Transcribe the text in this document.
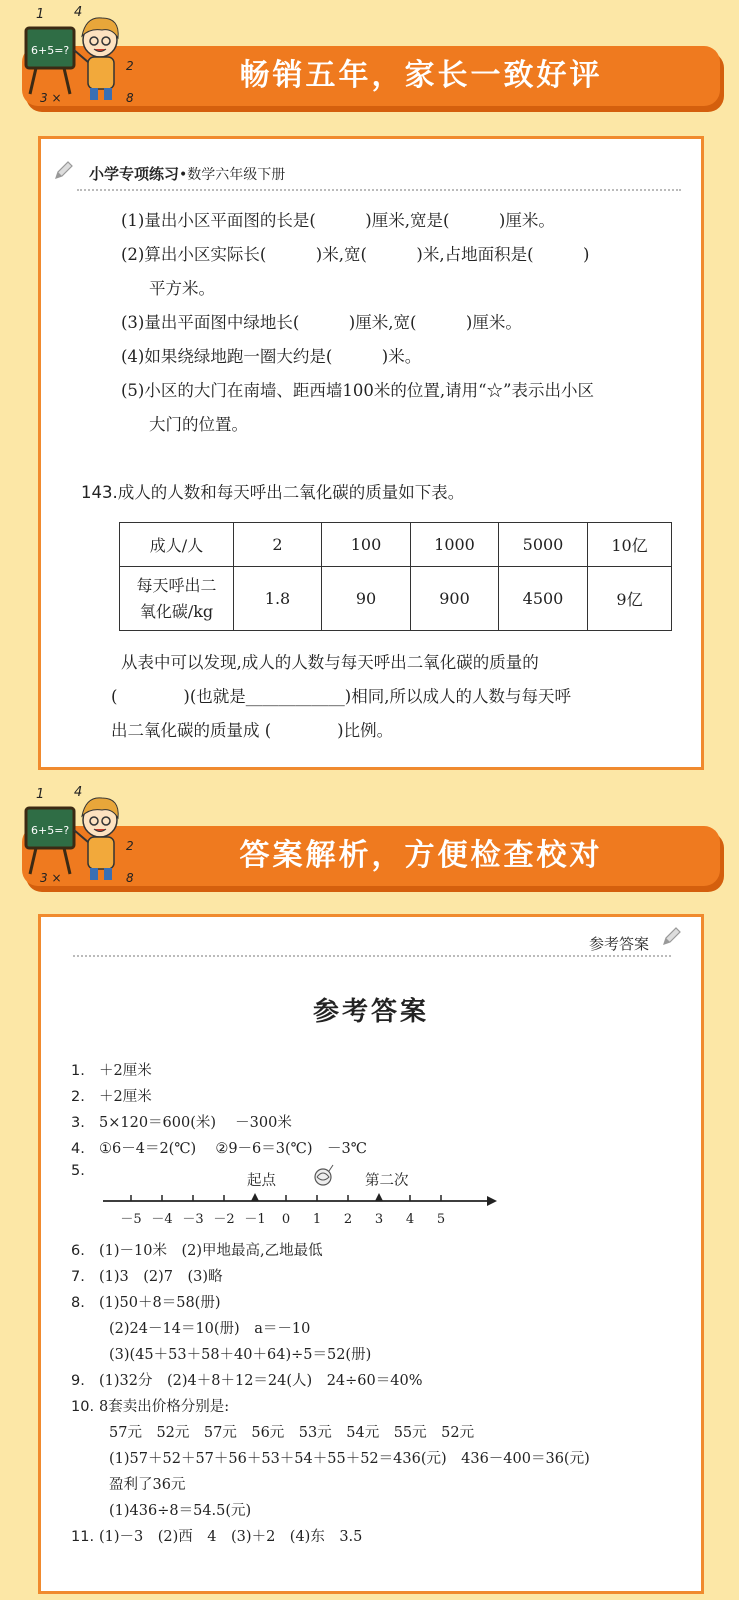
畅销五年，家长一致好评
1 4
2
3 ×	8
6+5=?
小学专项练习•数学六年级下册
(1)量出小区平面图的长是(　　　)厘米,宽是(　　　)厘米。
(2)算出小区实际长(　　　)米,宽(　　　)米,占地面积是(　　　)
平方米。
(3)量出平面图中绿地长(　　　)厘米,宽(　　　)厘米。
(4)如果绕绿地跑一圈大约是(　　　)米。
(5)小区的大门在南墙、距西墙100米的位置,请用“☆”表示出小区
大门的位置。
143.成人的人数和每天呼出二氧化碳的质量如下表。
成人/人	2	100	1000	5000	10亿

每天呼出二
氧化碳/kg	1.8	90	900	4500	9亿
从表中可以发现,成人的人数与每天呼出二氧化碳的质量的
(　　　　)(也就是____________)相同,所以成人的人数与每天呼
出二氧化碳的质量成 (　　　　)比例。
答案解析，方便检查校对
1 4
2
3 ×	8
6+5=?
参考答案
参考答案
1. ＋2厘米
2. ＋2厘米
3. 5×120＝600(米)　 －300米
4. ①6－4＝2(℃)　 ②9－6＝3(℃)　－3℃
5.
6. (1)－10米　(2)甲地最高,乙地最低
7. (1)3　(2)7　(3)略
8. (1)50＋8＝58(册)
(2)24－14＝10(册)　a＝－10
(3)(45＋53＋58＋40＋64)÷5＝52(册)
9. (1)32分　(2)4＋8＋12＝24(人)　24÷60＝40%
10. 8套卖出价格分别是:
57元　52元　57元　56元　53元　54元　55元　52元
(1)57＋52＋57＋56＋53＋54＋55＋52＝436(元)　436－400＝36(元)
盈利了36元
(1)436÷8＝54.5(元)
11. (1)－3　(2)西　4　(3)＋2　(4)东　3.5
起点	第二次
－5 －4 －3 －2 －1 0 1 2 3 4 5
